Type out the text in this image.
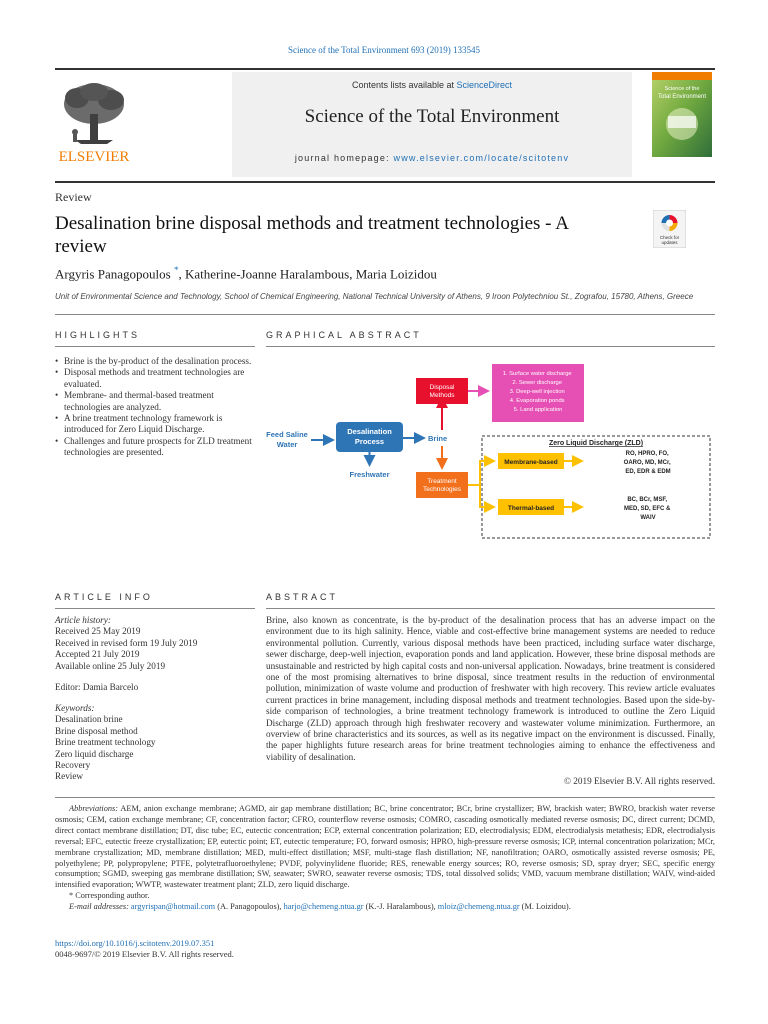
Science of the Total Environment 693 (2019) 133545
ELSEVIER
Contents lists available at ScienceDirect
Science of the Total Environment
journal homepage: www.elsevier.com/locate/scitotenv
Science of the
Total Environment
Review
Desalination brine disposal methods and treatment technologies - A review	Check for
updates
Argyris Panagopoulos *, Katherine-Joanne Haralambous, Maria Loizidou
Unit of Environmental Science and Technology, School of Chemical Engineering, National Technical University of Athens, 9 Iroon Polytechniou St., Zografou, 15780, Athens, Greece
HIGHLIGHTS
• Brine is the by-product of the desalination process.
• Disposal methods and treatment technologies are evaluated.
• Membrane- and thermal-based treatment technologies are analyzed.
• A brine treatment technology framework is introduced for Zero Liquid Discharge.
• Challenges and future prospects for ZLD treatment technologies are presented.
GRAPHICAL ABSTRACT
Feed Saline Water
Desalination Process
Freshwater
Brine
Disposal Methods
1. Surface water discharge 2. Sewer discharge 3. Deep-well injection 4. Evaporation ponds 5. Land application
Treatment Technologies
Zero Liquid Discharge (ZLD)
Membrane-based
RO, HPRO, FO, OARO, MD, MCr, ED, EDR & EDM
Thermal-based
BC, BCr, MSF, MED, SD, EFC & WAIV
ARTICLE INFO
Article history:
Received 25 May 2019
Received in revised form 19 July 2019
Accepted 21 July 2019
Available online 25 July 2019
Editor: Damia Barcelo
Keywords:
Desalination brine
Brine disposal method
Brine treatment technology
Zero liquid discharge
Recovery
Review
ABSTRACT
Brine, also known as concentrate, is the by-product of the desalination process that has an adverse impact on the environment due to its high salinity. Hence, viable and cost-effective brine management systems are needed to reduce environmental pollution. Currently, various disposal methods have been practiced, including surface water discharge, sewer discharge, deep-well injection, evaporation ponds and land application. However, these brine disposal methods are unsustainable and restricted by high capital costs and non-universal application. Nowadays, brine treatment is considered one of the most promising alternatives to brine disposal, since treatment results in the reduction of environmental pollution, minimization of waste volume and production of freshwater with high recovery. This review article evaluates current practices in brine management, including disposal methods and treatment technologies. Based upon the side-by-side comparison of technologies, a brine treatment technology framework is introduced to outline the Zero Liquid Discharge (ZLD) approach through high freshwater recovery and wastewater volume minimization. Furthermore, an overview of brine characteristics and its sources, as well as its negative impact on the environment is discussed. Finally, the paper highlights future research areas for brine treatment technologies aiming to enhance the effectiveness and viability of desalination.
© 2019 Elsevier B.V. All rights reserved.
Abbreviations: AEM, anion exchange membrane; AGMD, air gap membrane distillation; BC, brine concentrator; BCr, brine crystallizer; BW, brackish water; BWRO, brackish water reverse osmosis; CEM, cation exchange membrane; CF, concentration factor; CFRO, counterflow reverse osmosis; COMRO, cascading osmotically mediated reverse osmosis; DC, direct current; DCMD, direct contact membrane distillation; DT, disc tube; EC, eutectic concentration; ECP, external concentration polarization; ED, electrodialysis; EDM, electrodialysis metathesis; EDR, electrodialysis reversal; EFC, eutectic freeze crystallization; EP, eutectic point; ET, eutectic temperature; FO, forward osmosis; HPRO, high-pressure reverse osmosis; ICP, internal concentration polarization; MCr, membrane crystallization; MD, membrane distillation; MED, multi-effect distillation; MSF, multi-stage flash distillation; NF, nanofiltration; OARO, osmotically assisted reverse osmosis; PE, polyethylene; PP, polypropylene; PTFE, polytetrafluoroethylene; PVDF, polyvinylidene fluoride; RES, renewable energy sources; RO, reverse osmosis; SD, spray dryer; SEC, specific energy consumption; SGMD, sweeping gas membrane distillation; SW, seawater; SWRO, seawater reverse osmosis; TDS, total dissolved solids; VMD, vacuum membrane distillation; WAIV, wind-aided intensified evaporation; WWTP, wastewater treatment plant; ZLD, zero liquid discharge.
* Corresponding author.
E-mail addresses: argyrispan@hotmail.com (A. Panagopoulos), harjo@chemeng.ntua.gr (K.-J. Haralambous), mloiz@chemeng.ntua.gr (M. Loizidou).
https://doi.org/10.1016/j.scitotenv.2019.07.351
0048-9697/© 2019 Elsevier B.V. All rights reserved.
